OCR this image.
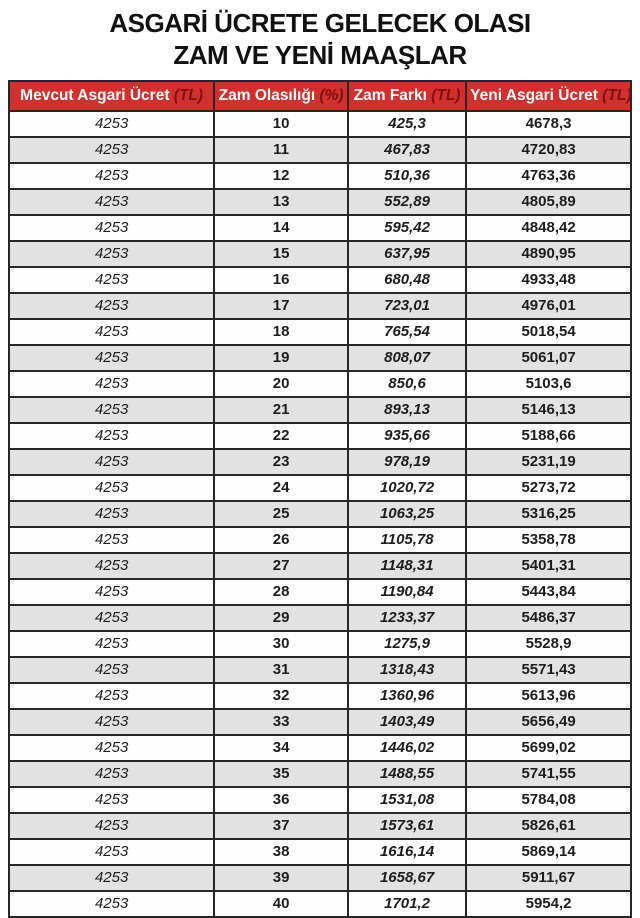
ASGARİ ÜCRETE GELECEK OLASI
ZAM VE YENİ MAAŞLAR
Mevcut Asgari Ücret (TL)	Zam Olasılığı (%)	Zam Farkı (TL)	Yeni Asgari Ücret (TL)
4253	10	425,3	4678,3
4253	11	467,83	4720,83
4253	12	510,36	4763,36
4253	13	552,89	4805,89
4253	14	595,42	4848,42
4253	15	637,95	4890,95
4253	16	680,48	4933,48
4253	17	723,01	4976,01
4253	18	765,54	5018,54
4253	19	808,07	5061,07
4253	20	850,6	5103,6
4253	21	893,13	5146,13
4253	22	935,66	5188,66
4253	23	978,19	5231,19
4253	24	1020,72	5273,72
4253	25	1063,25	5316,25
4253	26	1105,78	5358,78
4253	27	1148,31	5401,31
4253	28	1190,84	5443,84
4253	29	1233,37	5486,37
4253	30	1275,9	5528,9
4253	31	1318,43	5571,43
4253	32	1360,96	5613,96
4253	33	1403,49	5656,49
4253	34	1446,02	5699,02
4253	35	1488,55	5741,55
4253	36	1531,08	5784,08
4253	37	1573,61	5826,61
4253	38	1616,14	5869,14
4253	39	1658,67	5911,67
4253	40	1701,2	5954,2
